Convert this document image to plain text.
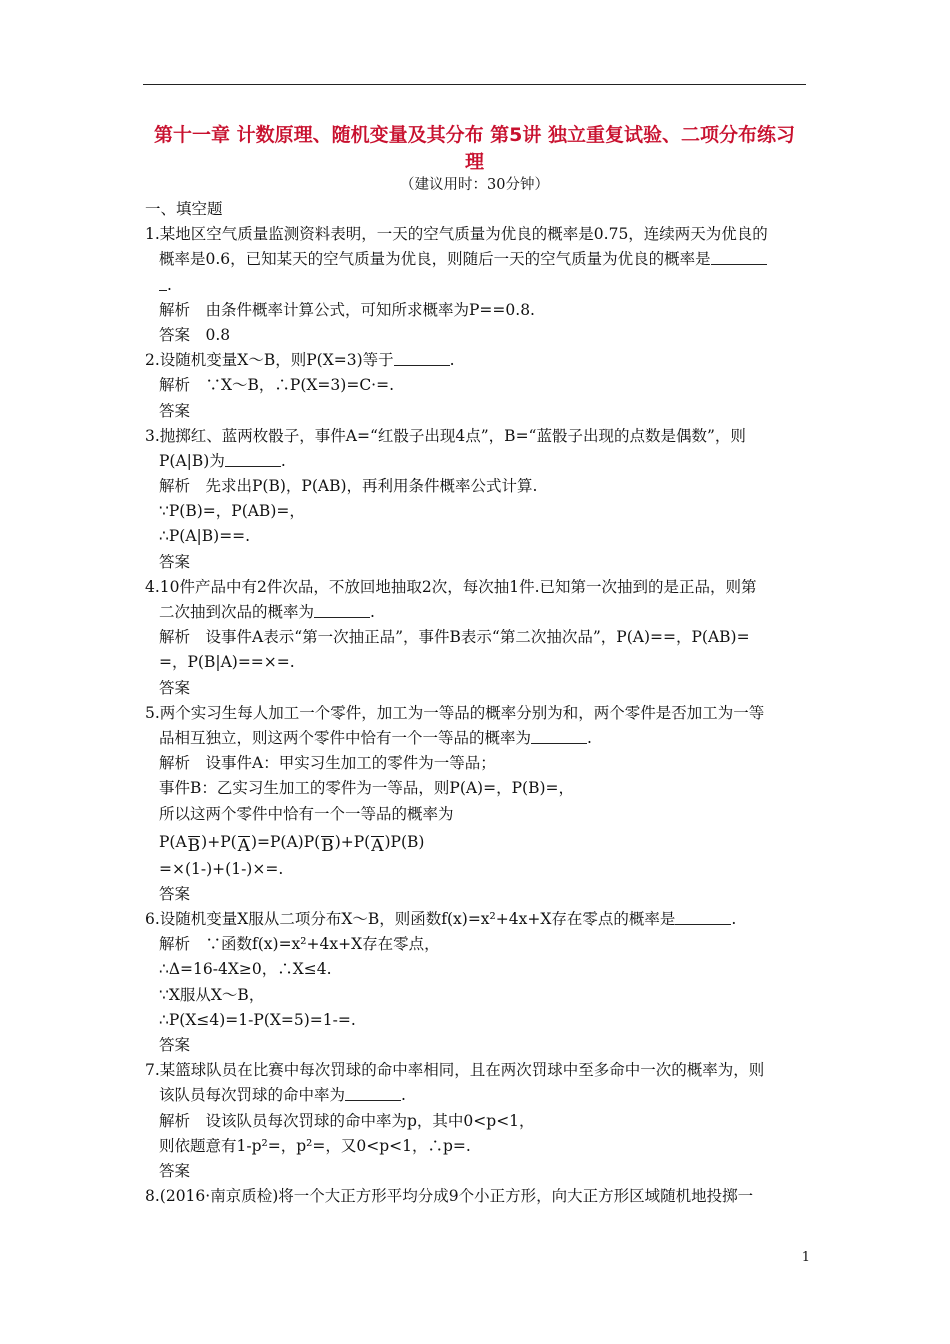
第十一章 计数原理、随机变量及其分布 第5讲 独立重复试验、二项分布练习 理
（建议用时：30分钟）
一、填空题
1.某地区空气质量监测资料表明，一天的空气质量为优良的概率是0.75，连续两天为优良的
概率是0.6，已知某天的空气质量为优良，则随后一天的空气质量为优良的概率是
.
解析　由条件概率计算公式，可知所求概率为P==0.8.
答案　0.8
2.设随机变量X～B，则P(X=3)等于	.
解析　∵X～B，∴P(X=3)=C·=.
答案
3.抛掷红、蓝两枚骰子，事件A=“红骰子出现4点”，B=“蓝骰子出现的点数是偶数”，则
P(A|B)为	.
解析　先求出P(B)，P(AB)，再利用条件概率公式计算.
∵P(B)=，P(AB)=，
∴P(A|B)==.
答案
4.10件产品中有2件次品，不放回地抽取2次，每次抽1件.已知第一次抽到的是正品，则第
二次抽到次品的概率为	.
解析　设事件A表示“第一次抽正品”，事件B表示“第二次抽次品”，P(A)==，P(AB)=
=，P(B|A)==×=.
答案
5.两个实习生每人加工一个零件，加工为一等品的概率分别为和，两个零件是否加工为一等
品相互独立，则这两个零件中恰有一个一等品的概率为	.
解析　设事件A：甲实习生加工的零件为一等品；
事件B：乙实习生加工的零件为一等品，则P(A)=，P(B)=，
所以这两个零件中恰有一个一等品的概率为
P(AB)+P(A)=P(A)P(B)+P(A)P(B)
=×(1-)+(1-)×=.
答案
6.设随机变量X服从二项分布X～B，则函数f(x)=x²+4x+X存在零点的概率是	.
解析　∵函数f(x)=x²+4x+X存在零点，
∴Δ=16-4X≥0，∴X≤4.
∵X服从X～B，
∴P(X≤4)=1-P(X=5)=1-=.
答案
7.某篮球队员在比赛中每次罚球的命中率相同，且在两次罚球中至多命中一次的概率为，则
该队员每次罚球的命中率为	.
解析　设该队员每次罚球的命中率为p，其中0<p<1，
则依题意有1-p²=，p²=，又0<p<1，∴p=.
答案
8.(2016·南京质检)将一个大正方形平均分成9个小正方形，向大正方形区域随机地投掷一
1
